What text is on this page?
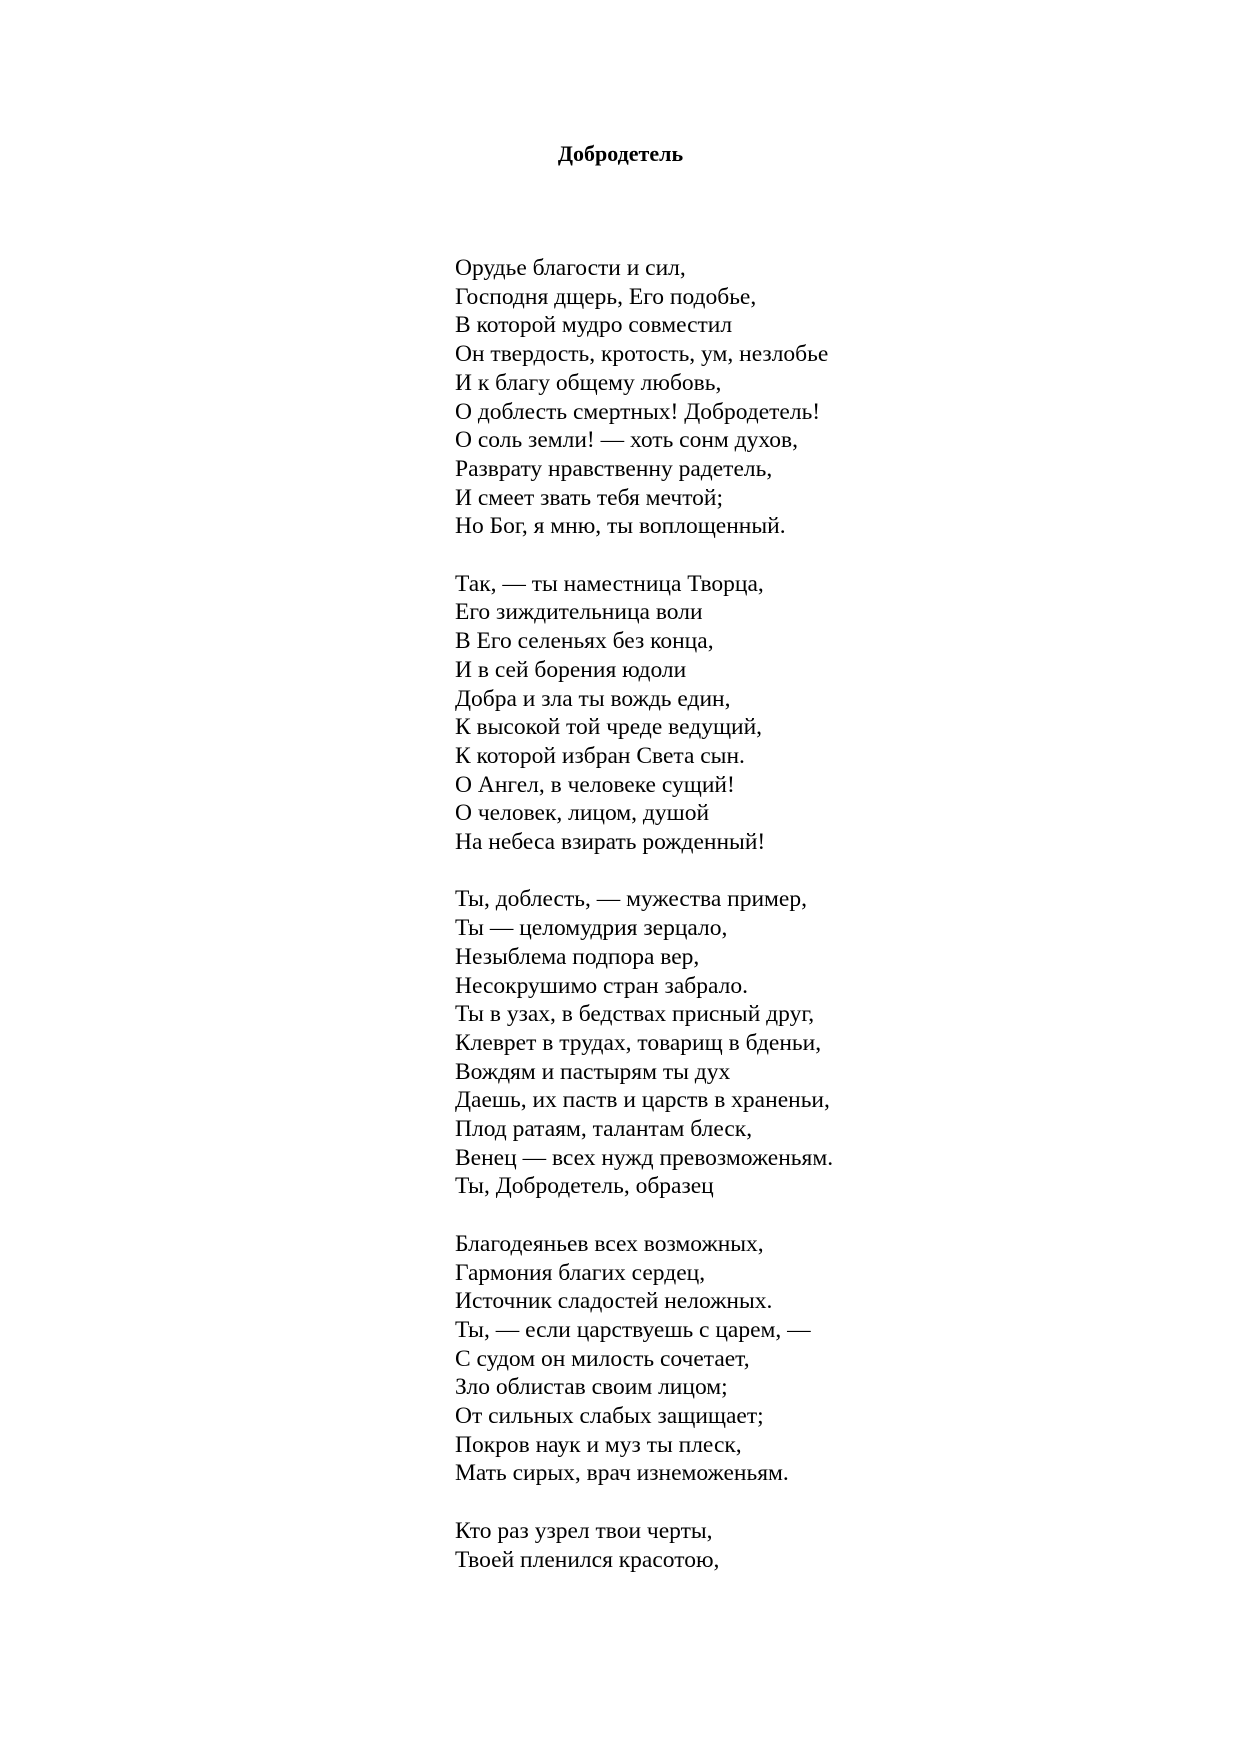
Добродетель
Орудье благости и сил,
Господня дщерь, Его подобье,
В которой мудро совместил
Он твердость, кротость, ум, незлобье
И к благу общему любовь,
О доблесть смертных! Добродетель!
О соль земли! — хоть сонм духов,
Разврату нравственну радетель,
И смеет звать тебя мечтой;
Но Бог, я мню, ты воплощенный.
Так, — ты наместница Творца,
Его зиждительница воли
В Его селеньях без конца,
И в сей борения юдоли
Добра и зла ты вождь един,
К высокой той чреде ведущий,
К которой избран Света сын.
О Ангел, в человеке сущий!
О человек, лицом, душой
На небеса взирать рожденный!
Ты, доблесть, — мужества пример,
Ты — целомудрия зерцало,
Незыблема подпора вер,
Несокрушимо стран забрало.
Ты в узах, в бедствах присный друг,
Клеврет в трудах, товарищ в бденьи,
Вождям и пастырям ты дух
Даешь, их паств и царств в храненьи,
Плод ратаям, талантам блеск,
Венец — всех нужд превозможеньям.
Ты, Добродетель, образец
Благодеяньев всех возможных,
Гармония благих сердец,
Источник сладостей неложных.
Ты, — если царствуешь с царем, —
С судом он милость сочетает,
Зло облистав своим лицом;
От сильных слабых защищает;
Покров наук и муз ты плеск,
Мать сирых, врач изнеможеньям.
Кто раз узрел твои черты,
Твоей пленился красотою,
